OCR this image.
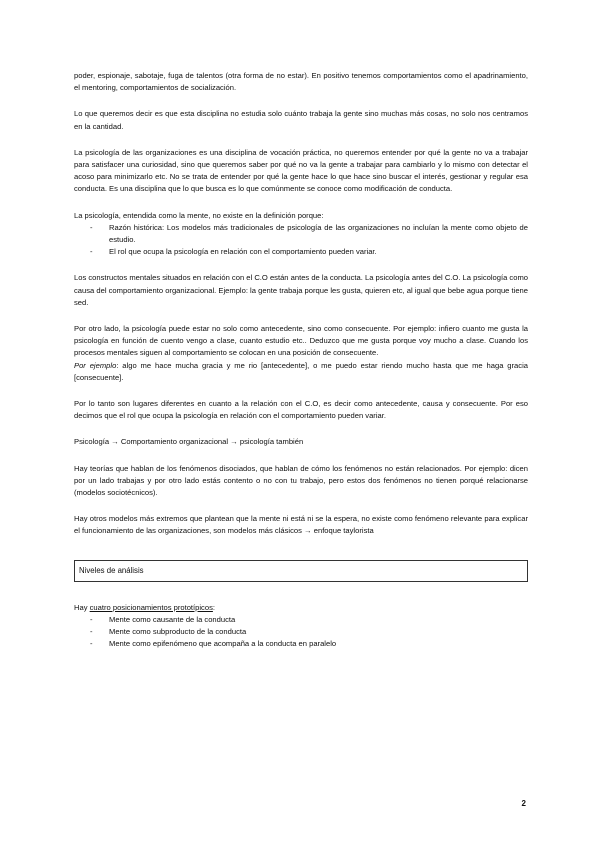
poder, espionaje, sabotaje, fuga de talentos (otra forma de no estar). En positivo tenemos comportamientos como el apadrinamiento, el mentoring, comportamientos de socialización.

Lo que queremos decir es que esta disciplina no estudia solo cuánto trabaja la gente sino muchas más cosas, no solo nos centramos en la cantidad.

La psicología de las organizaciones es una disciplina de vocación práctica, no queremos entender por qué la gente no va a trabajar para satisfacer una curiosidad, sino que queremos saber por qué no va la gente a trabajar para cambiarlo y lo mismo con detectar el acoso para minimizarlo etc. No se trata de entender por qué la gente hace lo que hace sino buscar el interés, gestionar y regular esa conducta. Es una disciplina que lo que busca es lo que comúnmente se conoce como modificación de conducta.

La psicología, entendida como la mente, no existe en la definición porque:

- Razón histórica: Los modelos más tradicionales de psicología de las organizaciones no incluían la mente como objeto de estudio.
- El rol que ocupa la psicología en relación con el comportamiento pueden variar.

Los constructos mentales situados en relación con el C.O están antes de la conducta. La psicología antes del C.O. La psicología como causa del comportamiento organizacional. Ejemplo: la gente trabaja porque les gusta, quieren etc, al igual que bebe agua porque tiene sed.

Por otro lado, la psicología puede estar no solo como antecedente, sino como consecuente. Por ejemplo: infiero cuanto me gusta la psicología en función de cuento vengo a clase, cuanto estudio etc.. Deduzco que me gusta porque voy mucho a clase. Cuando los procesos mentales siguen al comportamiento se colocan en una posición de consecuente.

Por ejemplo: algo me hace mucha gracia y me rio [antecedente], o me puedo estar riendo mucho hasta que me haga gracia [consecuente].

Por lo tanto son lugares diferentes en cuanto a la relación con el C.O, es decir como antecedente, causa y consecuente. Por eso decimos que el rol que ocupa la psicología en relación con el comportamiento pueden variar.

Psicología → Comportamiento organizacional → psicología también

Hay teorías que hablan de los fenómenos disociados, que hablan de cómo los fenómenos no están relacionados. Por ejemplo: dicen por un lado trabajas y por otro lado estás contento o no con tu trabajo, pero estos dos fenómenos no tienen porqué relacionarse (modelos sociotécnicos).

Hay otros modelos más extremos que plantean que la mente ni está ni se la espera, no existe como fenómeno relevante para explicar el funcionamiento de las organizaciones, son modelos más clásicos → enfoque taylorista

Niveles de análisis

Hay cuatro posicionamientos prototípicos:

- Mente como causante de la conducta
- Mente como subproducto de la conducta
- Mente como epifenómeno que acompaña a la conducta en paralelo
2
